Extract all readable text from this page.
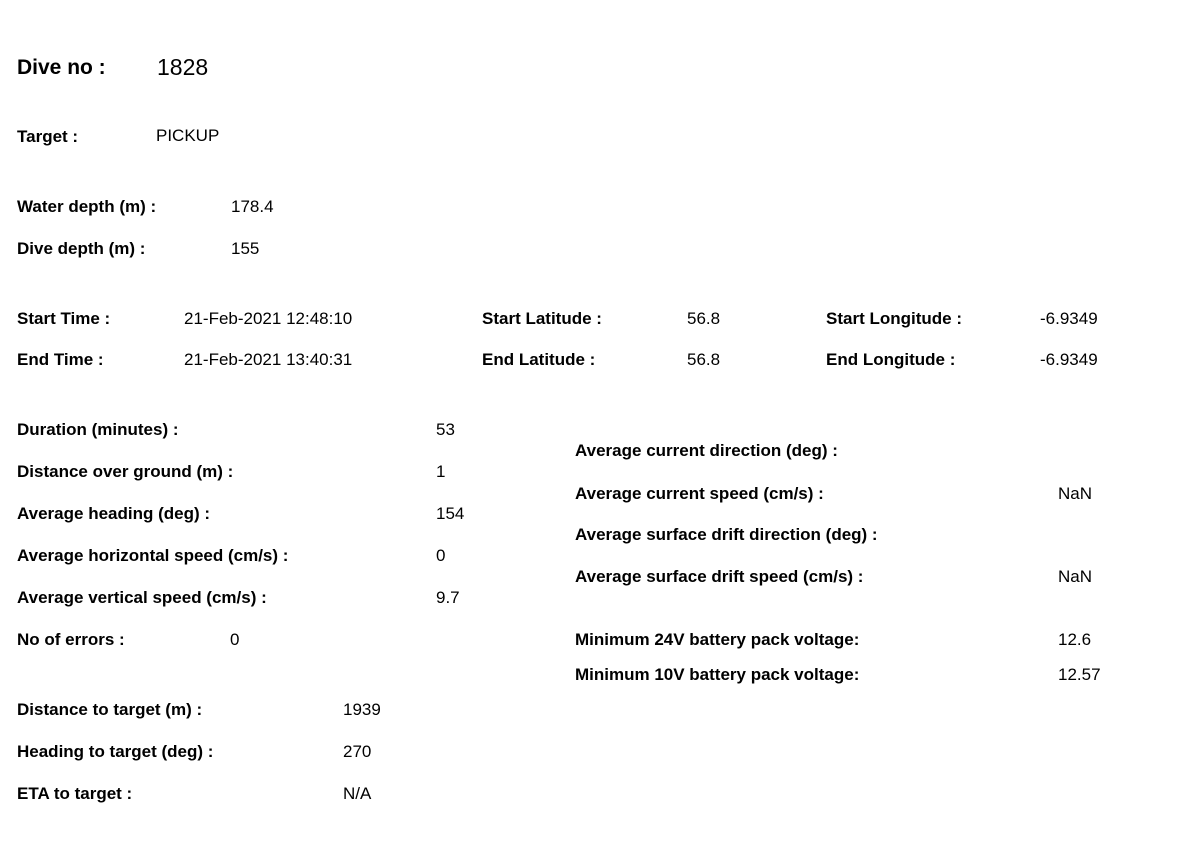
Dive no : 1828
Target :	PICKUP
Water depth (m) :	178.4
Dive depth (m) :	155
Start Time :	21-Feb-2021 12:48:10	Start Latitude :	56.8	Start Longitude :	-6.9349
End Time :	21-Feb-2021 13:40:31	End Latitude :	56.8	End Longitude :	-6.9349
Duration (minutes) :	53
Distance over ground (m) :	1
Average heading (deg) :	154
Average horizontal speed (cm/s) :	0
Average vertical speed (cm/s) :	9.7
No of errors :	0
Average current direction (deg) :
Average current speed (cm/s) :	NaN
Average surface drift direction (deg) :
Average surface drift speed (cm/s) :	NaN
Minimum 24V battery pack voltage:	12.6
Minimum 10V battery pack voltage:	12.57
Distance to target (m) :	1939
Heading to target (deg) :	270
ETA to target :	N/A
